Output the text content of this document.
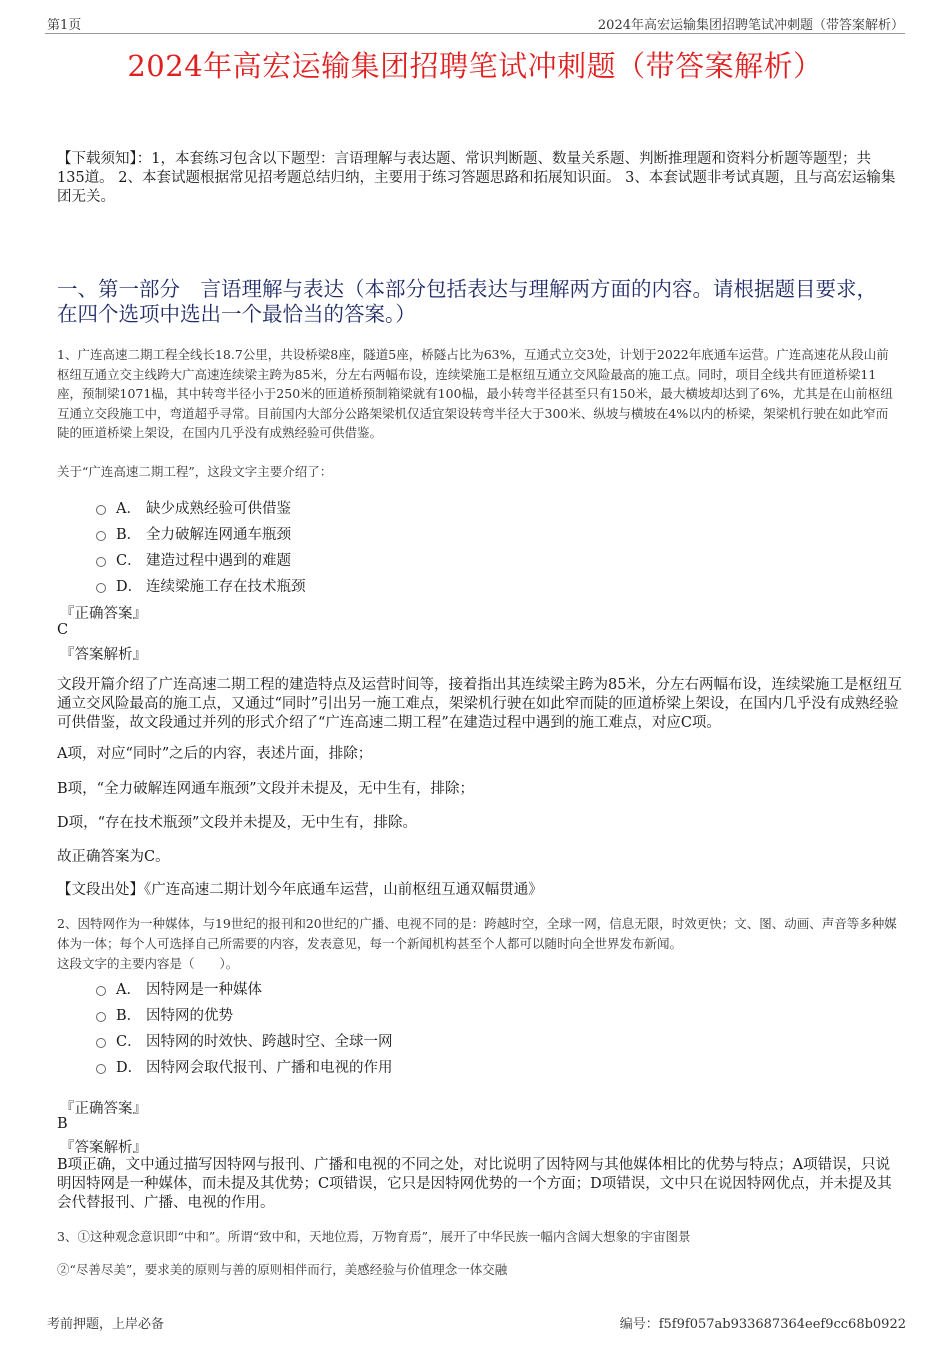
第1页	2024年高宏运输集团招聘笔试冲刺题（带答案解析）
2024年高宏运输集团招聘笔试冲刺题（带答案解析）
【下载须知】：1，本套练习包含以下题型：言语理解与表达题、常识判断题、数量关系题、判断推理题和资料分析题等题型；共135道。 2、本套试题根据常见招考题总结归纳，主要用于练习答题思路和拓展知识面。 3、本套试题非考试真题，且与高宏运输集团无关。
一、第一部分　言语理解与表达（本部分包括表达与理解两方面的内容。请根据题目要求，在四个选项中选出一个最恰当的答案。）
1、广连高速二期工程全线长18.7公里，共设桥梁8座，隧道5座，桥隧占比为63%，互通式立交3处，计划于2022年底通车运营。广连高速花从段山前枢纽互通立交主线跨大广高速连续梁主跨为85米，分左右两幅布设，连续梁施工是枢纽互通立交风险最高的施工点。同时，项目全线共有匝道桥梁11座，预制梁1071榀，其中转弯半径小于250米的匝道桥预制箱梁就有100榀，最小转弯半径甚至只有150米，最大横坡却达到了6%，尤其是在山前枢纽互通立交段施工中，弯道超乎寻常。目前国内大部分公路架梁机仅适宜架设转弯半径大于300米、纵坡与横坡在4%以内的桥梁，架梁机行驶在如此窄而陡的匝道桥梁上架设，在国内几乎没有成熟经验可供借鉴。
关于“广连高速二期工程”，这段文字主要介绍了：
A． 缺少成熟经验可供借鉴
B． 全力破解连网通车瓶颈
C． 建造过程中遇到的难题
D． 连续梁施工存在技术瓶颈
『正确答案』
C
『答案解析』
文段开篇介绍了广连高速二期工程的建造特点及运营时间等，接着指出其连续梁主跨为85米，分左右两幅布设，连续梁施工是枢纽互通立交风险最高的施工点，又通过“同时”引出另一施工难点，架梁机行驶在如此窄而陡的匝道桥梁上架设，在国内几乎没有成熟经验可供借鉴，故文段通过并列的形式介绍了“广连高速二期工程”在建造过程中遇到的施工难点，对应C项。
A项，对应“同时”之后的内容，表述片面，排除；
B项，“全力破解连网通车瓶颈”文段并未提及，无中生有，排除；
D项，“存在技术瓶颈”文段并未提及，无中生有，排除。
故正确答案为C。
【文段出处】《广连高速二期计划今年底通车运营，山前枢纽互通双幅贯通》
2、因特网作为一种媒体，与19世纪的报刊和20世纪的广播、电视不同的是：跨越时空，全球一网，信息无限，时效更快；文、图、动画、声音等多种媒体为一体；每个人可选择自己所需要的内容，发表意见，每一个新闻机构甚至个人都可以随时向全世界发布新闻。
这段文字的主要内容是（　　）。
A． 因特网是一种媒体
B． 因特网的优势
C． 因特网的时效快、跨越时空、全球一网
D． 因特网会取代报刊、广播和电视的作用
『正确答案』
B
『答案解析』
B项正确，文中通过描写因特网与报刊、广播和电视的不同之处，对比说明了因特网与其他媒体相比的优势与特点；A项错误，只说明因特网是一种媒体，而未提及其优势；C项错误，它只是因特网优势的一个方面；D项错误，文中只在说因特网优点，并未提及其会代替报刊、广播、电视的作用。
3、①这种观念意识即“中和”。所谓“致中和，天地位焉，万物育焉”，展开了中华民族一幅内含阔大想象的宇宙图景
②“尽善尽美”，要求美的原则与善的原则相伴而行，美感经验与价值理念一体交融
考前押题，上岸必备	编号：f5f9f057ab933687364eef9cc68b0922
